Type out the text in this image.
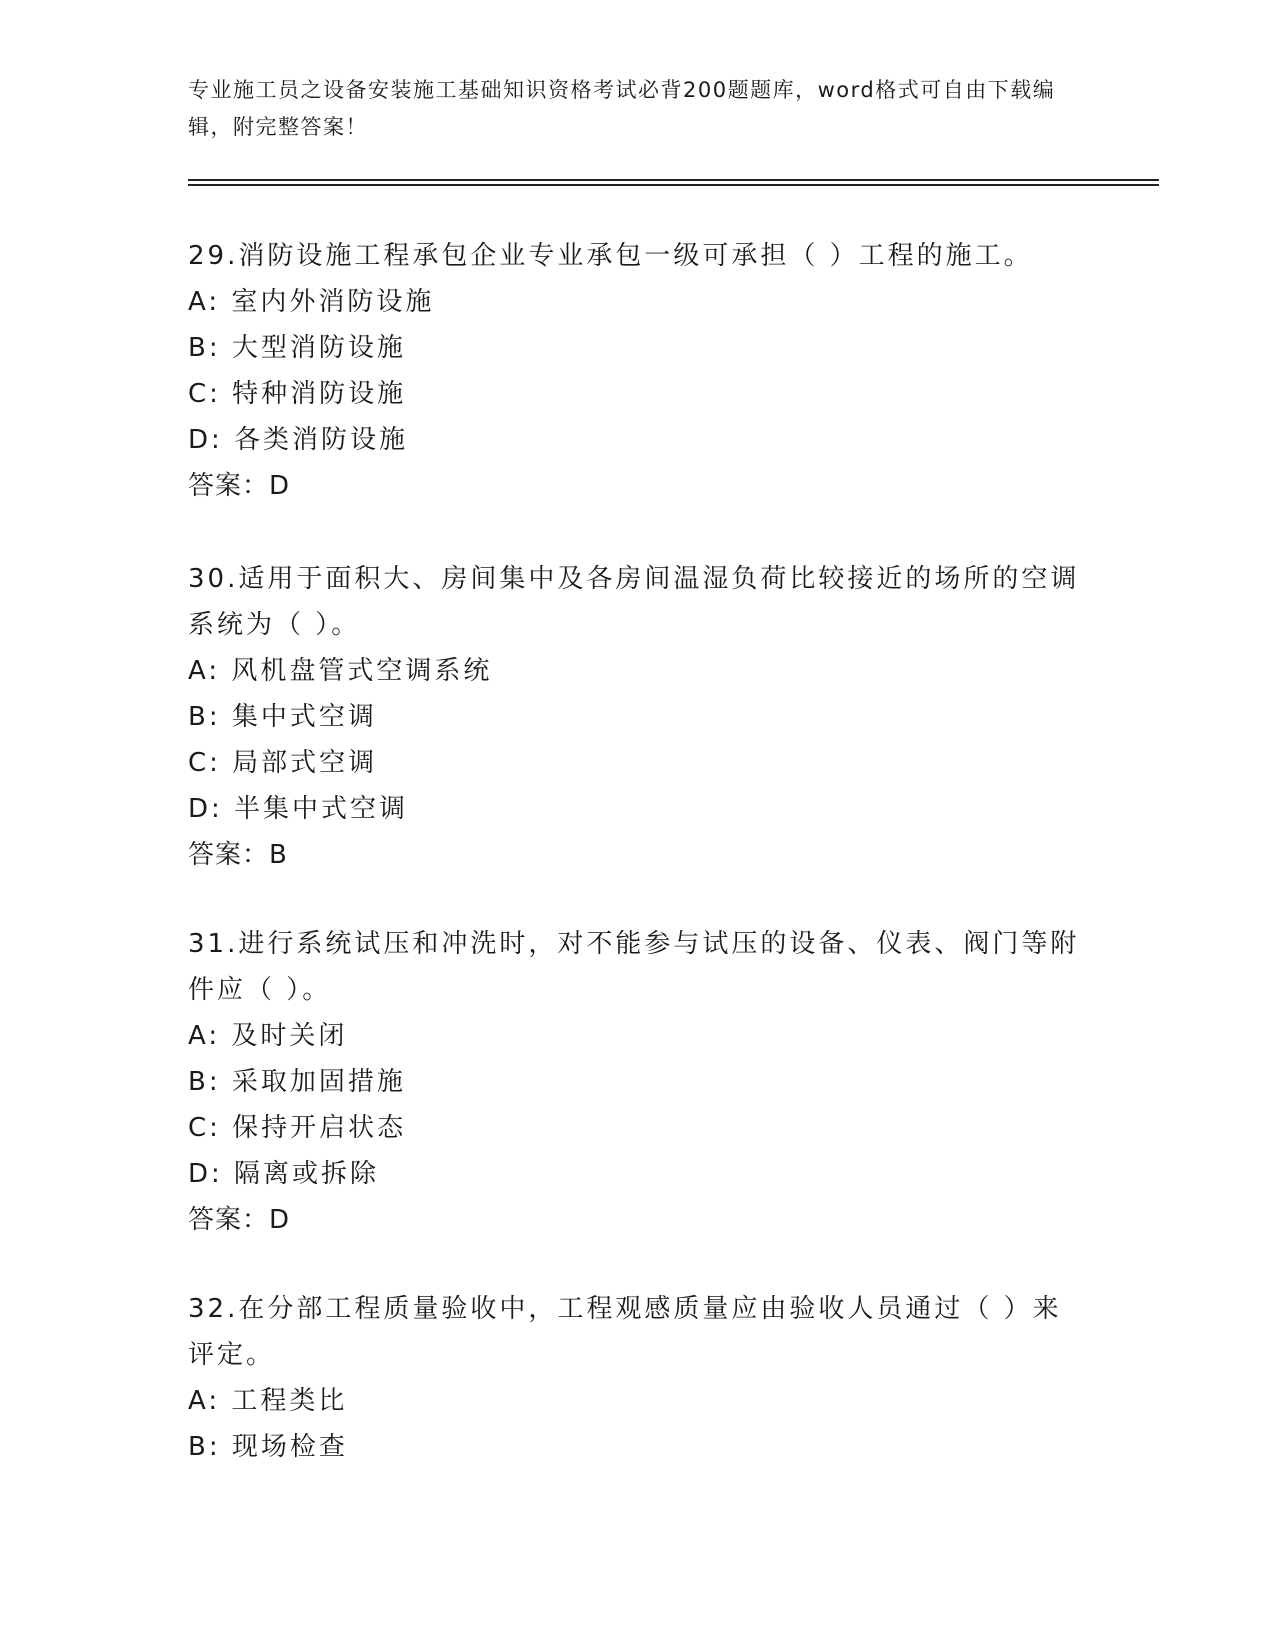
专业施工员之设备安装施工基础知识资格考试必背200题题库，word格式可自由下载编辑，附完整答案！

29.消防设施工程承包企业专业承包一级可承担（ ）工程的施工。

A: 室内外消防设施

B: 大型消防设施

C: 特种消防设施

D: 各类消防设施

答案：D

30.适用于面积大、房间集中及各房间温湿负荷比较接近的场所的空调系统为（ ）。

A: 风机盘管式空调系统

B: 集中式空调

C: 局部式空调

D: 半集中式空调

答案：B

31.进行系统试压和冲洗时，对不能参与试压的设备、仪表、阀门等附件应（ ）。

A: 及时关闭

B: 采取加固措施

C: 保持开启状态

D: 隔离或拆除

答案：D

32.在分部工程质量验收中，工程观感质量应由验收人员通过（ ）来评定。

A: 工程类比

B: 现场检查
